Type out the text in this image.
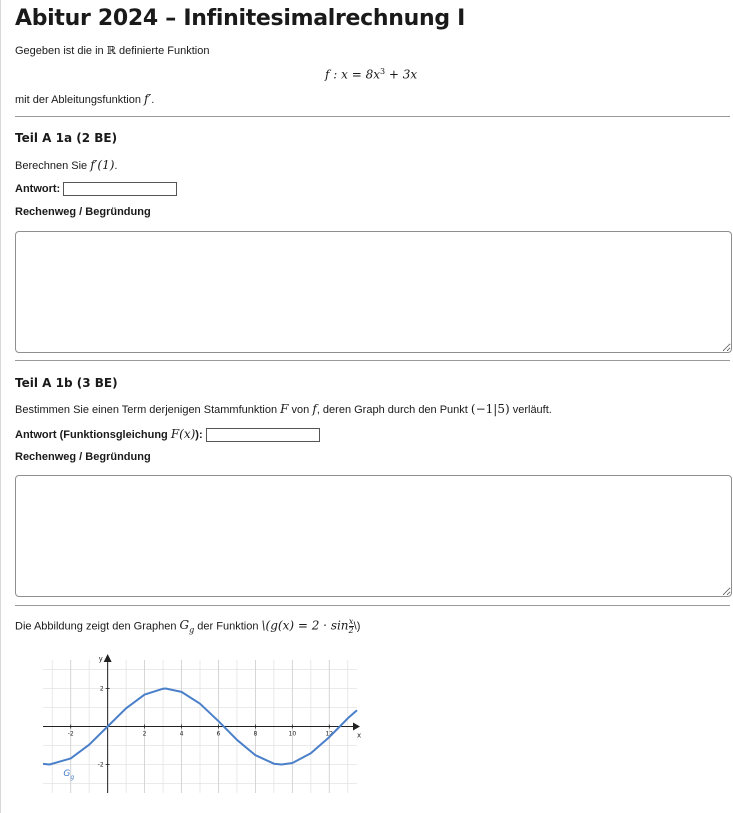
Abitur 2024 – Infinitesimalrechnung I
Gegeben ist die in ℝ definierte Funktion
f : $x = 8x^3 + 3x$
mit der Ableitungsfunktion f′.
Teil A 1a (2 BE)
Berechnen Sie f′(1).
Antwort:
Rechenweg / Begründung
Teil A 1b (3 BE)
Bestimmen Sie einen Term derjenigen Stammfunktion F von f, deren Graph durch den Punkt (−1|5) verläuft.
Antwort (Funktionsgleichung F(x)):
Rechenweg / Begründung
Die Abbildung zeigt den Graphen $G_g$ der Funktion \(g(x) = $2 \cdot \sin \frac{x}{2}$ \)
x
y
-2	2	4	6	8	10	12
2
-2
G g
